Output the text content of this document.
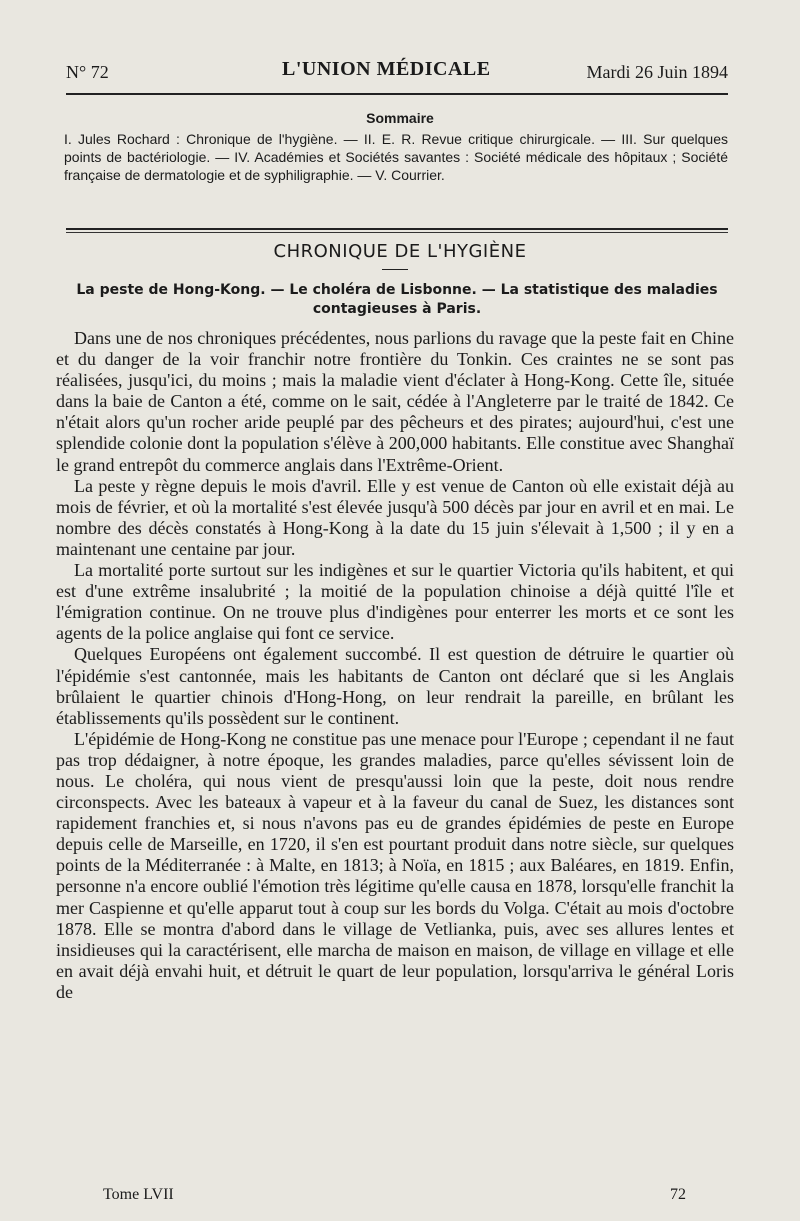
N° 72	L'UNION MÉDICALE	Mardi 26 Juin 1894
Sommaire
I. Jules Rochard : Chronique de l'hygiène. — II. E. R. Revue critique chirurgicale. — III. Sur quelques points de bactériologie. — IV. Académies et Sociétés savantes : Société médicale des hôpitaux ; Société française de dermatologie et de syphiligraphie. — V. Courrier.
CHRONIQUE DE L'HYGIÈNE
La peste de Hong-Kong. — Le choléra de Lisbonne. — La statistique des maladies contagieuses à Paris.

Dans une de nos chroniques précédentes, nous parlions du ravage que la peste fait en Chine et du danger de la voir franchir notre frontière du Tonkin. Ces craintes ne se sont pas réalisées, jusqu'ici, du moins ; mais la maladie vient d'éclater à Hong-Kong. Cette île, située dans la baie de Canton a été, comme on le sait, cédée à l'Angleterre par le traité de 1842. Ce n'était alors qu'un rocher aride peuplé par des pêcheurs et des pirates; aujourd'hui, c'est une splendide colonie dont la population s'élève à 200,000 habitants. Elle constitue avec Shanghaï le grand entrepôt du commerce anglais dans l'Extrême-Orient.

La peste y règne depuis le mois d'avril. Elle y est venue de Canton où elle existait déjà au mois de février, et où la mortalité s'est élevée jusqu'à 500 décès par jour en avril et en mai. Le nombre des décès constatés à Hong-Kong à la date du 15 juin s'élevait à 1,500 ; il y en a maintenant une centaine par jour.

La mortalité porte surtout sur les indigènes et sur le quartier Victoria qu'ils habitent, et qui est d'une extrême insalubrité ; la moitié de la population chinoise a déjà quitté l'île et l'émigration continue. On ne trouve plus d'indigènes pour enterrer les morts et ce sont les agents de la police anglaise qui font ce service.

Quelques Européens ont également succombé. Il est question de détruire le quartier où l'épidémie s'est cantonnée, mais les habitants de Canton ont déclaré que si les Anglais brûlaient le quartier chinois d'Hong-Hong, on leur rendrait la pareille, en brûlant les établissements qu'ils possèdent sur le continent.

L'épidémie de Hong-Kong ne constitue pas une menace pour l'Europe ; cependant il ne faut pas trop dédaigner, à notre époque, les grandes maladies, parce qu'elles sévissent loin de nous. Le choléra, qui nous vient de presqu'aussi loin que la peste, doit nous rendre circonspects. Avec les bateaux à vapeur et à la faveur du canal de Suez, les distances sont rapidement franchies et, si nous n'avons pas eu de grandes épidémies de peste en Europe depuis celle de Marseille, en 1720, il s'en est pourtant produit dans notre siècle, sur quelques points de la Méditerranée : à Malte, en 1813; à Noïa, en 1815 ; aux Baléares, en 1819. Enfin, personne n'a encore oublié l'émotion très légitime qu'elle causa en 1878, lorsqu'elle franchit la mer Caspienne et qu'elle apparut tout à coup sur les bords du Volga. C'était au mois d'octobre 1878. Elle se montra d'abord dans le village de Vetlianka, puis, avec ses allures lentes et insidieuses qui la caractérisent, elle marcha de maison en maison, de village en village et elle en avait déjà envahi huit, et détruit le quart de leur population, lorsqu'arriva le général Loris de

Tome LVII	72
